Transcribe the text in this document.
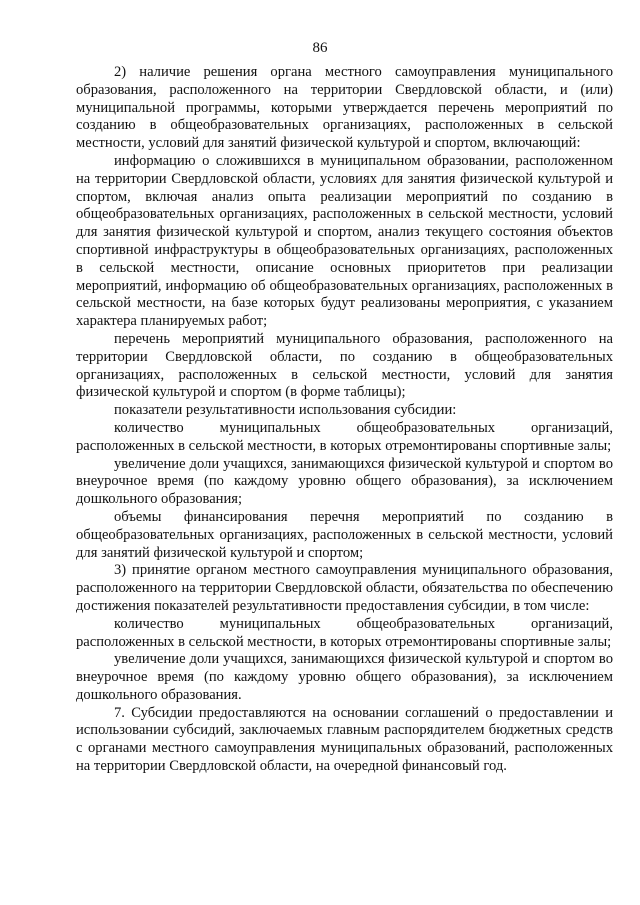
86

2) наличие решения органа местного самоуправления муниципального образования, расположенного на территории Свердловской области, и (или) муниципальной программы, которыми утверждается перечень мероприятий по созданию в общеобразовательных организациях, расположенных в сельской местности, условий для занятий физической культурой и спортом, включающий:

информацию о сложившихся в муниципальном образовании, расположенном на территории Свердловской области, условиях для занятия физической культурой и спортом, включая анализ опыта реализации мероприятий по созданию в общеобразовательных организациях, расположенных в сельской местности, условий для занятия физической культурой и спортом, анализ текущего состояния объектов спортивной инфраструктуры в общеобразовательных организациях, расположенных в сельской местности, описание основных приоритетов при реализации мероприятий, информацию об общеобразовательных организациях, расположенных в сельской местности, на базе которых будут реализованы мероприятия, с указанием характера планируемых работ;

перечень мероприятий муниципального образования, расположенного на территории Свердловской области, по созданию в общеобразовательных организациях, расположенных в сельской местности, условий для занятия физической культурой и спортом (в форме таблицы);

показатели результативности использования субсидии:

количество муниципальных общеобразовательных организаций, расположенных в сельской местности, в которых отремонтированы спортивные залы;

увеличение доли учащихся, занимающихся физической культурой и спортом во внеурочное время (по каждому уровню общего образования), за исключением дошкольного образования;

объемы финансирования перечня мероприятий по созданию в общеобразовательных организациях, расположенных в сельской местности, условий для занятий физической культурой и спортом;

3) принятие органом местного самоуправления муниципального образования, расположенного на территории Свердловской области, обязательства по обеспечению достижения показателей результативности предоставления субсидии, в том числе:

количество муниципальных общеобразовательных организаций, расположенных в сельской местности, в которых отремонтированы спортивные залы;

увеличение доли учащихся, занимающихся физической культурой и спортом во внеурочное время (по каждому уровню общего образования), за исключением дошкольного образования.

7. Субсидии предоставляются на основании соглашений о предоставлении и использовании субсидий, заключаемых главным распорядителем бюджетных средств с органами местного самоуправления муниципальных образований, расположенных на территории Свердловской области, на очередной финансовый год.
